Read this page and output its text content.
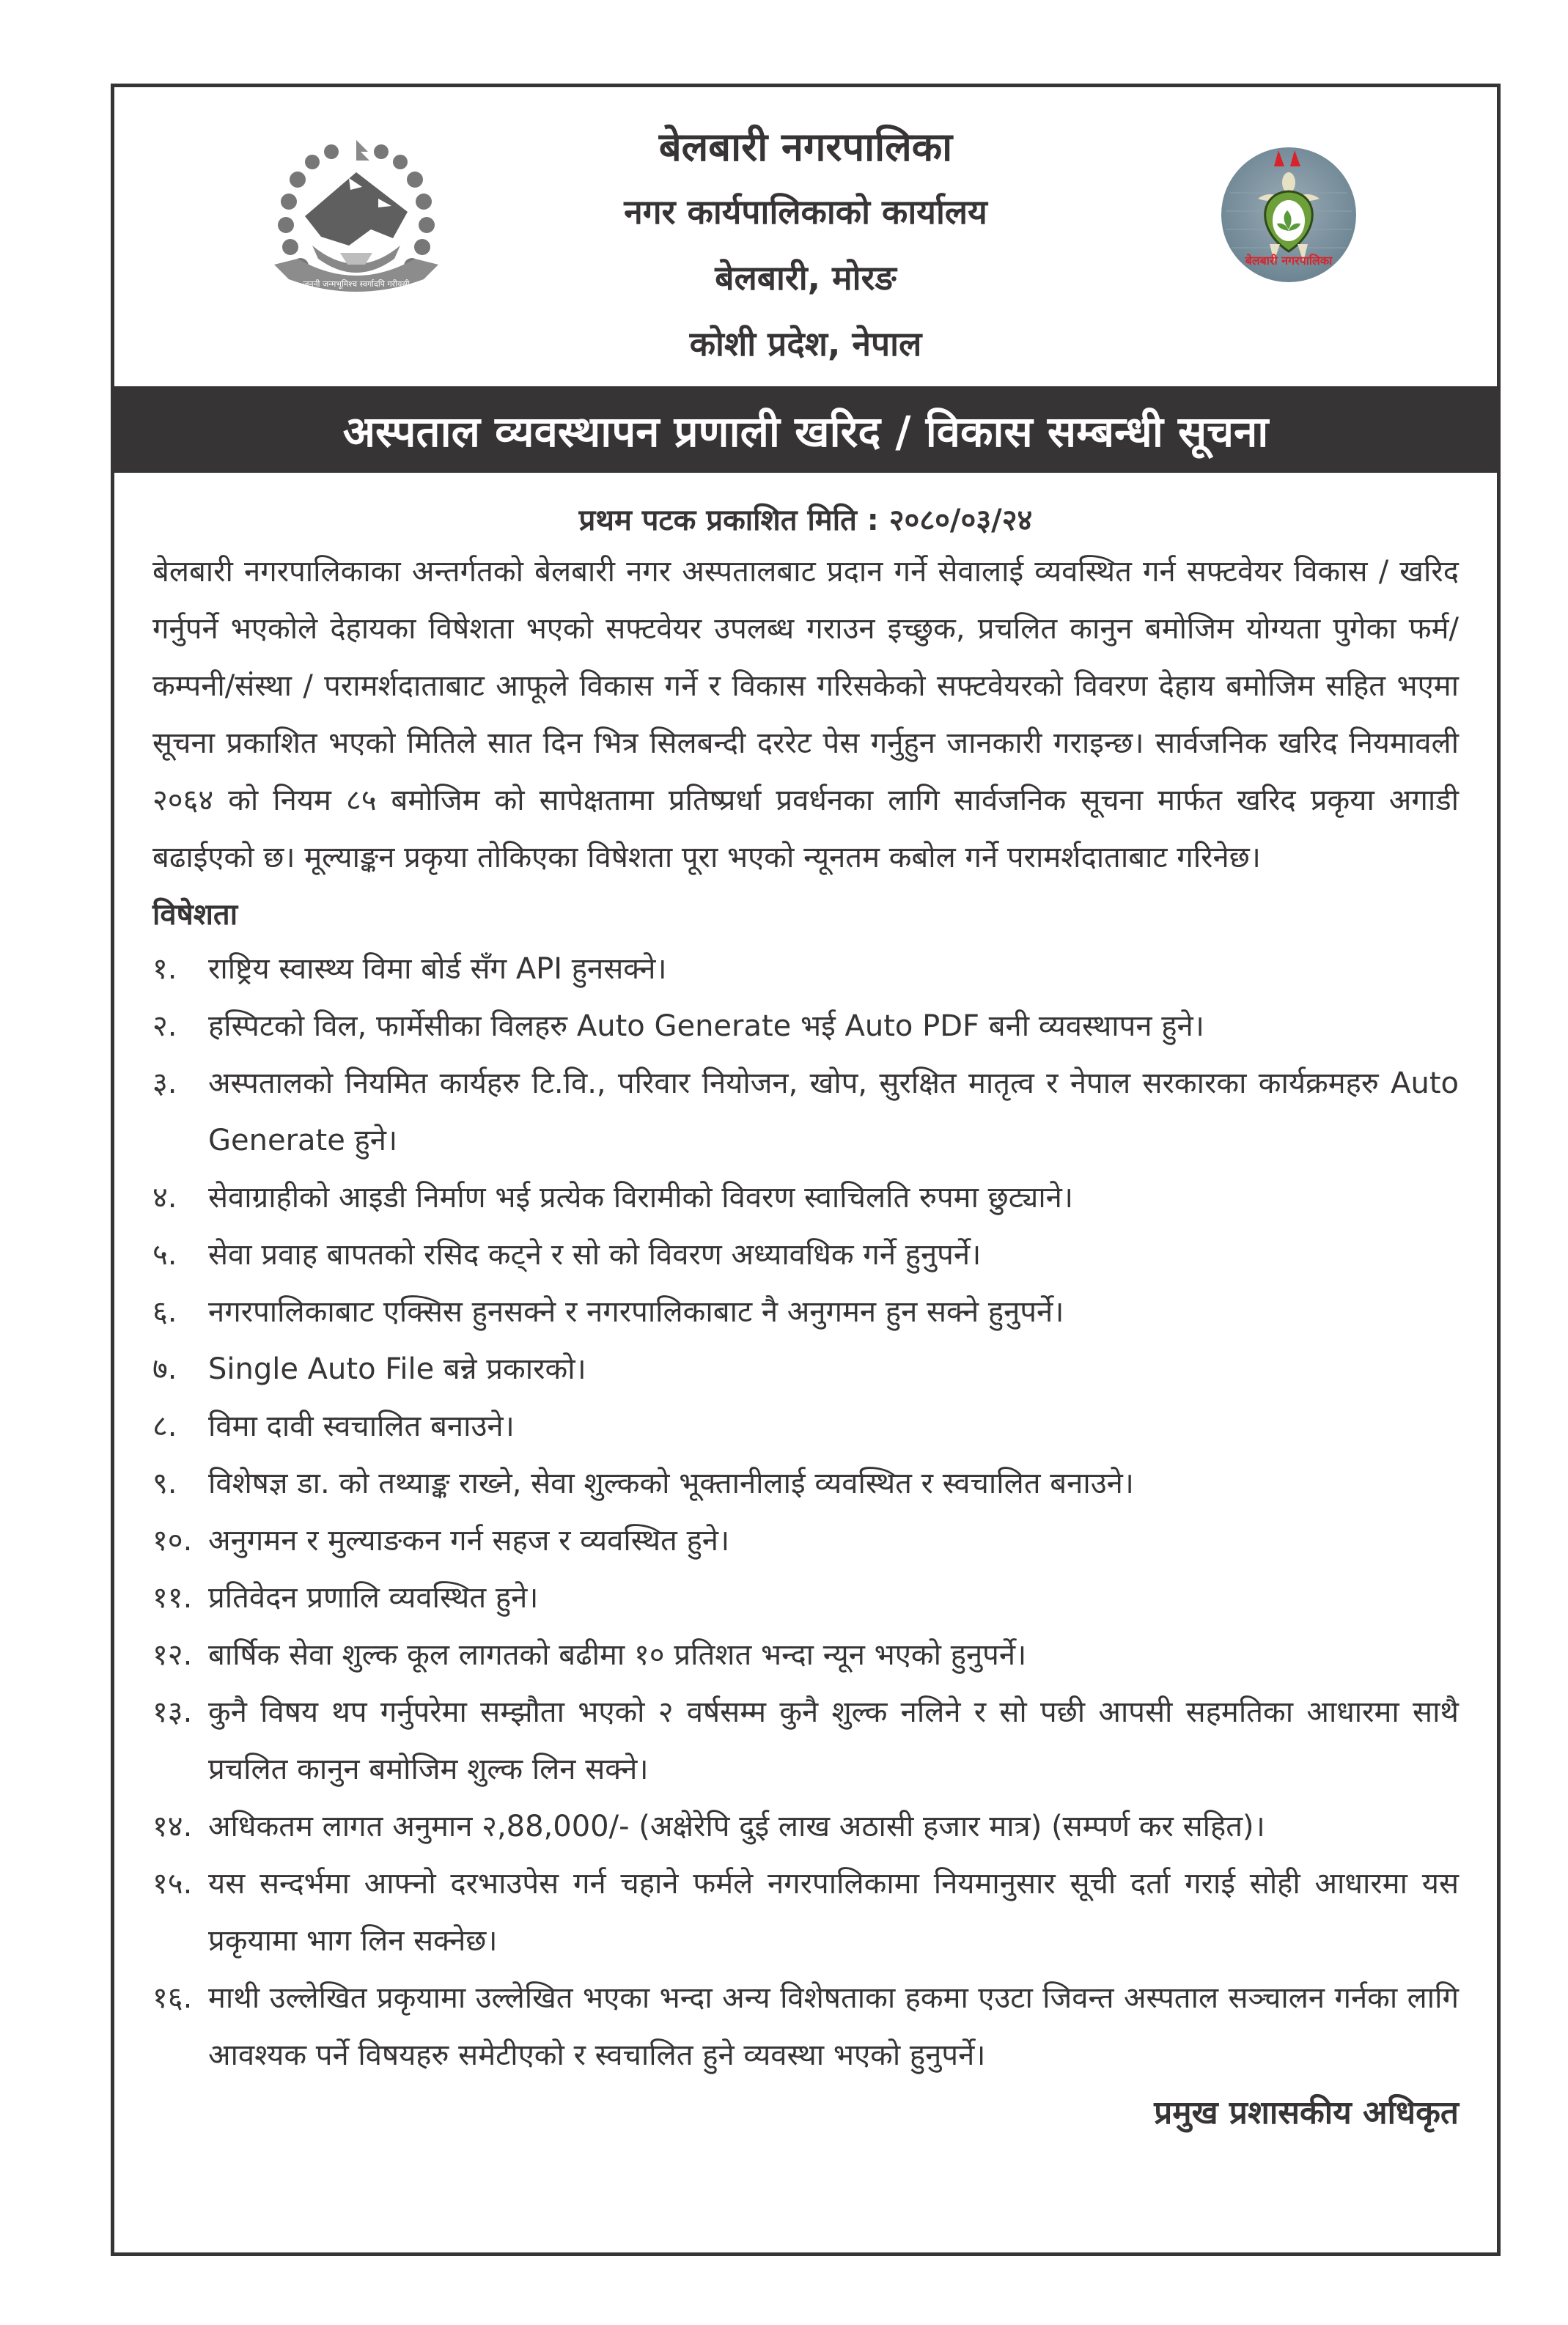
जननी जन्मभूमिश्च स्वर्गादपि गरीयसी
बेलबारी नगरपालिका
नगर कार्यपालिकाको कार्यालय
बेलबारी, मोरङ
कोशी प्रदेश, नेपाल
बेलबारी नगरपालिका
अस्पताल व्यवस्थापन प्रणाली खरिद / विकास सम्बन्धी सूचना
प्रथम पटक प्रकाशित मिति : २०८०/०३/२४

बेलबारी नगरपालिकाका अन्तर्गतको बेलबारी नगर अस्पतालबाट प्रदान गर्ने सेवालाई व्यवस्थित गर्न सफ्टवेयर विकास / खरिद गर्नुपर्ने भएकोले देहायका विषेशता भएको सफ्टवेयर उपलब्ध गराउन इच्छुक, प्रचलित कानुन बमोजिम योग्यता पुगेका फर्म/कम्पनी/संस्था / परामर्शदाताबाट आफूले विकास गर्ने र विकास गरिसकेको सफ्टवेयरको विवरण देहाय बमोजिम सहित भएमा सूचना प्रकाशित भएको मितिले सात दिन भित्र सिलबन्दी दररेट पेस गर्नुहुन जानकारी गराइन्छ। सार्वजनिक खरिद नियमावली २०६४ को नियम ८५ बमोजिम को सापेक्षतामा प्रतिष्प्रर्धा प्रवर्धनका लागि सार्वजनिक सूचना मार्फत खरिद प्रकृया अगाडी बढाईएको छ। मूल्याङ्कन प्रकृया तोकिएका विषेशता पूरा भएको न्यूनतम कबोल गर्ने परामर्शदाताबाट गरिनेछ।

विषेशता
१.	राष्ट्रिय स्वास्थ्य विमा बोर्ड सँग API हुनसक्ने।
२.	हस्पिटको विल, फार्मेसीका विलहरु Auto Generate भई Auto PDF बनी व्यवस्थापन हुने।
३.	अस्पतालको नियमित कार्यहरु टि.वि., परिवार नियोजन, खोप, सुरक्षित मातृत्व र नेपाल सरकारका कार्यक्रमहरु Auto Generate हुने।
४.	सेवाग्राहीको आइडी निर्माण भई प्रत्येक विरामीको विवरण स्वाचिलति रुपमा छुट्याने।
५.	सेवा प्रवाह बापतको रसिद कट्ने र सो को विवरण अध्यावधिक गर्ने हुनुपर्ने।
६.	नगरपालिकाबाट एक्सिस हुनसक्ने र नगरपालिकाबाट नै अनुगमन हुन सक्ने हुनुपर्ने।
७.	Single Auto File बन्ने प्रकारको।
८.	विमा दावी स्वचालित बनाउने।
९.	विशेषज्ञ डा. को तथ्याङ्क राख्ने, सेवा शुल्कको भूक्तानीलाई व्यवस्थित र स्वचालित बनाउने।
१०. अनुगमन र मुल्याङकन गर्न सहज र व्यवस्थित हुने।
११. प्रतिवेदन प्रणालि व्यवस्थित हुने।
१२. बार्षिक सेवा शुल्क कूल लागतको बढीमा १० प्रतिशत भन्दा न्यून भएको हुनुपर्ने।
१३. कुनै विषय थप गर्नुपरेमा सम्झौता भएको २ वर्षसम्म कुनै शुल्क नलिने र सो पछी आपसी सहमतिका आधारमा साथै प्रचलित कानुन बमोजिम शुल्क लिन सक्ने।
१४. अधिकतम लागत अनुमान २,88,000/- (अक्षेरेपि दुई लाख अठासी हजार मात्र) (सम्पर्ण कर सहित)।
१५. यस सन्दर्भमा आफ्नो दरभाउपेस गर्न चहाने फर्मले नगरपालिकामा नियमानुसार सूची दर्ता गराई सोही आधारमा यस प्रकृयामा भाग लिन सक्नेछ।
१६. माथी उल्लेखित प्रकृयामा उल्लेखित भएका भन्दा अन्य विशेषताका हकमा एउटा जिवन्त अस्पताल सञ्चालन गर्नका लागि आवश्यक पर्ने विषयहरु समेटीएको र स्वचालित हुने व्यवस्था भएको हुनुपर्ने।
प्रमुख प्रशासकीय अधिकृत
